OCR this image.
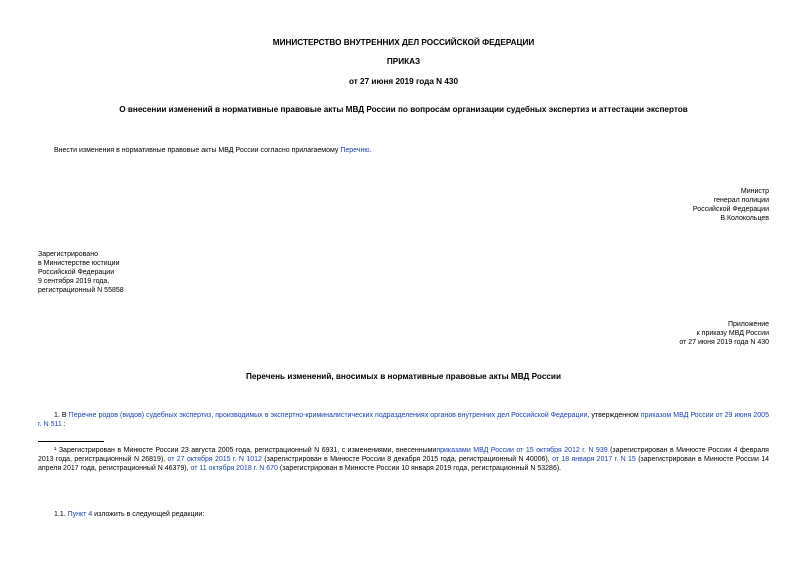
МИНИСТЕРСТВО ВНУТРЕННИХ ДЕЛ РОССИЙСКОЙ ФЕДЕРАЦИИ
ПРИКАЗ
от 27 июня 2019 года N 430
О внесении изменений в нормативные правовые акты МВД России по вопросам организации судебных экспертиз и аттестации экспертов
Внести изменения в нормативные правовые акты МВД России согласно прилагаемому Перечню.

Министр

генерал полиции

Российской Федерации

В.Колокольцев

Зарегистрировано

в Министерстве юстиции

Российской Федерации

9 сентября 2019 года,

регистрационный N 55858

Приложение

к приказу МВД России

от 27 июня 2019 года N 430

Перечень изменений, вносимых в нормативные правовые акты МВД России
1. В Перечне родов (видов) судебных экспертиз, производимых в экспертно-криминалистических подразделениях органов внутренних дел Российской Федерации, утвержденном приказом МВД России от 29 июня 2005 г. N 511 :
¹ Зарегистрирован в Минюсте России 23 августа 2005 года, регистрационный N 6931, с изменениями, внесеннымиприказами МВД России от 15 октября 2012 г. N 939 (зарегистрирован в Минюсте России 4 февраля 2013 года, регистрационный N 26819), от 27 октября 2015 г. N 1012 (зарегистрирован в Минюсте России 8 декабря 2015 года, регистрационный N 40006), от 18 января 2017 г. N 15 (зарегистрирован в Минюсте России 14 апреля 2017 года, регистрационный N 46379), от 11 октября 2018 г. N 670 (зарегистрирован в Минюсте России 10 января 2019 года, регистрационный N 53286).
1.1. Пункт 4 изложить в следующей редакции:
